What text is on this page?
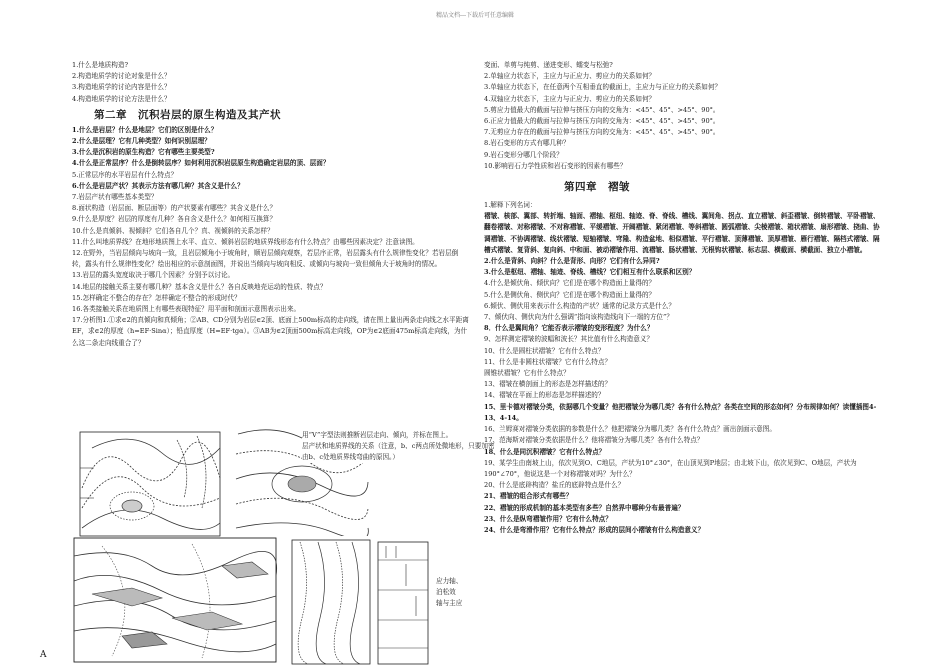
精品文档---下载后可任意编辑

1.什么是地质构造?

2.构造地质学的讨论对象是什么？

3.构造地质学的讨论内容是什么？

4.构造地质学的讨论方法是什么？

第二章　沉积岩层的原生构造及其产状

1.什么是岩层？什么是地层？它们的区别是什么？

2.什么是层理？它有几种类型？如何识别层理？

3.什么是沉积岩的原生构造？它有哪些主要类型?

4.什么是正常层序？什么是倒转层序？如何利用沉积岩层原生构造确定岩层的顶、层面？

5.正常层序的水平岩层有什么特点？

6.什么是岩层产状？其表示方法有哪几种？其含义是什么？

7.岩层产状有哪些基本类型？

8.面状构造（岩层面、断层面等）的产状要素有哪些？其含义是什么？

9.什么是厚度？岩层的厚度有几种？各自含义是什么？如何相互换算？

10.什么是真倾斜、视倾斜？它们各自几个？真、视倾斜的关系怎样？

11.什么叫地质界线？在地形地质图上水平、直立、倾斜岩层的地质界线形态有什么特点？由哪些因素决定？注意读图。

12.在野外，当岩层倾向与坡向一致，且岩层倾角小于坡角时，顺岩层倾向观察，若层序正常，岩层露头有什么规律性变化？若岩层倒转，露头有什么规律性变化？绘出相应的示意剖面图，并说出当倾向与坡向相反、或倾向与坡向一致但倾角大于坡角时的情况。

13.岩层的露头宽度取决于哪几个因素？分别予以讨论。

14.地层的接触关系主要有哪几种？基本含义是什么？各自反映地壳运动的性质、特点？

15.怎样确定不整合的存在？怎样确定不整合的形成时代？

16.各类接触关系在地质图上有哪些表现特征？用平面和剖面示意图表示出来。

17.分析图1.①求∈2的真倾向和真倾角；②AB、CD分别为岩层∈2顶、底面上500m标高的走向线，请在图上量出两条走向线之水平距离EF，求∈2的厚度（h=EF·Sinα）；铅直厚度（H=EF·tgα）。③AB为∈2顶面500m标高走向线，OP为∈2底面475m标高走向线，为什么这二条走向线重合了？

A
用“V”字型法则推断岩层走向、倾向，并标在图上。
层产状和地质界线的关系（注意，b、c两点所处微地形，只要加密
由b、c处地质界线弯曲的原因。）
应力轴、
泊松效
轴与主应

变面、单剪与纯剪、递进变形、蠕变与松弛?

2.单轴应力状态下，主应力与正应力、剪应力的关系如何？

3.单轴应力状态下，在任意两个互相垂直的截面上，主应力与正应力的关系如何？

4.双轴应力状态下，主应力与正应力、剪应力的关系如何？

5.剪应力值最大的截面与拉伸与挤压方向的交角为：<45°、45°、>45°、90°。

6.正应力值最大的截面与拉伸与挤压方向的交角为：<45°、45°、>45°、90°。

7.无剪应力存在的截面与拉伸与挤压方向的交角为：<45°、45°、>45°、90°。

8.岩石变形的方式有哪几种？

9.岩石变形分哪几个阶段？

10.影响岩石力学性质和岩石变形的因素有哪些？

第四章　褶皱

1.解释下列名词：

褶皱、核部、翼部、转折端、轴面、褶轴、枢纽、轴迹、脊、脊线、槽线、翼间角、拐点、直立褶皱、斜歪褶皱、倒转褶皱、平卧褶皱、翻卷褶皱、对称褶皱、不对称褶皱、平缓褶皱、开阔褶皱、紧闭褶皱、等斜褶皱、圆弧褶皱、尖棱褶皱、箱状褶皱、扇形褶皱、挠曲、协调褶皱、不协调褶皱、线状褶皱、短轴褶皱、穹隆、构造盆地、相似褶皱、平行褶皱、顶薄褶皱、顶厚褶皱、雁行褶皱、隔档式褶皱、隔槽式褶皱、复背斜、复向斜、中和面、被动褶皱作用、流褶皱、肠状褶皱、无根钩状褶皱、标志层、横截面、横截面、独立小褶皱。

2.什么是背斜、向斜？什么是背形、向形？它们有什么异同?

3.什么是枢纽、褶轴、轴迹、脊线、槽线？它们相互有什么联系和区别？

4.什么是倾伏角、倾伏向？它们是在哪个构造面上量得的？

5.什么是侧伏角、侧伏向？它们是在哪个构造面上量得的？

6.倾伏、侧伏用来表示什么构造的产状？通常的记录方式是什么？

7、倾伏向、侧伏向为什么强调“指向该构造线向下一端的方位”？

8．什么是翼间角？它能否表示褶皱的变形程度？为什么？

9、怎样测定褶皱的波幅和波长？其比值有什么构造意义？

10、什么是圆柱状褶皱？它有什么特点？

11、什么是非圆柱状褶皱？它有什么特点？

圆锥状褶皱？它有什么特点？

13、褶皱在横剖面上的形态是怎样描述的？

14、褶皱在平面上的形态是怎样描述的？

15、里卡德对褶皱分类，依据哪几个变量？他把褶皱分为哪几类？各有什么特点？各类在空间的形态如何？分布规律如何？读懂插图4-13、4-14。

16、兰姆赛对褶皱分类依据的参数是什么？他把褶皱分为哪几类？各有什么特点？画出剖面示意图。

17、范海斯对褶皱分类依据是什么？他将褶皱分为哪几类？各有什么特点？

18、什么是同沉积褶皱？它有什么特点？

19、某学生由南坡上山，依次见到O、C地层，产状为10°∠30°，在山顶见到P地层；由北坡下山，依次见到C、O地层，产状为190°∠70°，他说这是一个对称褶皱对吗？为什么？

20、什么是底辟构造？盐丘的底辟特点是什么？

21、褶皱的组合形式有哪些？

22、褶皱的形成机制的基本类型有多些？自然界中哪种分布最普遍？

23、什么是纵弯褶皱作用？它有什么特点？

24、什么是弯滑作用？它有什么特点？形成的层间小褶皱有什么构造意义？
